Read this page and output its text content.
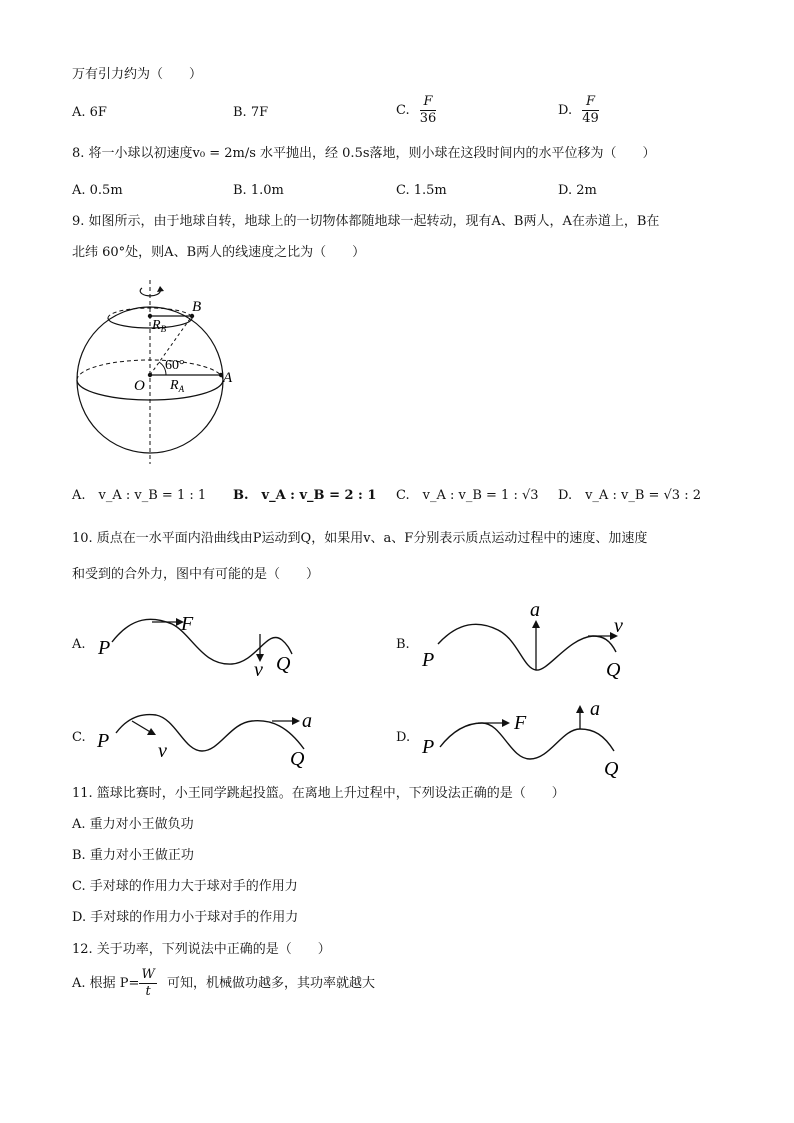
万有引力约为（　　）
A. 6F	B. 7F	C. $\frac{F}{36}$	D. $\frac{F}{49}$
8. 将一小球以初速度v₀ = 2m/s 水平抛出，经 0.5s落地，则小球在这段时间内的水平位移为（　　）
A. 0.5m	B. 1.0m	C. 1.5m	D. 2m
9. 如图所示，由于地球自转，地球上的一切物体都随地球一起转动，现有A、B两人，A在赤道上，B在
北纬 60°处，则A、B两人的线速度之比为（　　）
B
$R_B$
60°
O $R_A$
A
A.　v_A : v_B = 1 : 1 B.　v_A : v_B = 2 : 1 C.　v_A : v_B = 1 : √3 D.　v_A : v_B = √3 : 2
10. 质点在一水平面内沿曲线由P运动到Q，如果用v、a、F分别表示质点运动过程中的速度、加速度
和受到的合外力，图中有可能的是（　　）
A. P
F
v Q
B.
P
a
v
Q
C. P v
a
Q
D. P
F
a
Q
11. 篮球比赛时，小王同学跳起投篮。在离地上升过程中，下列设法正确的是（　　）
A. 重力对小王做负功
B. 重力对小王做正功
C. 手对球的作用力大于球对手的作用力
D. 手对球的作用力小于球对手的作用力
12. 关于功率，下列说法中正确的是（　　）
A. 根据 $P= \frac{W}{t}$ 可知，机械做功越多，其功率就越大
